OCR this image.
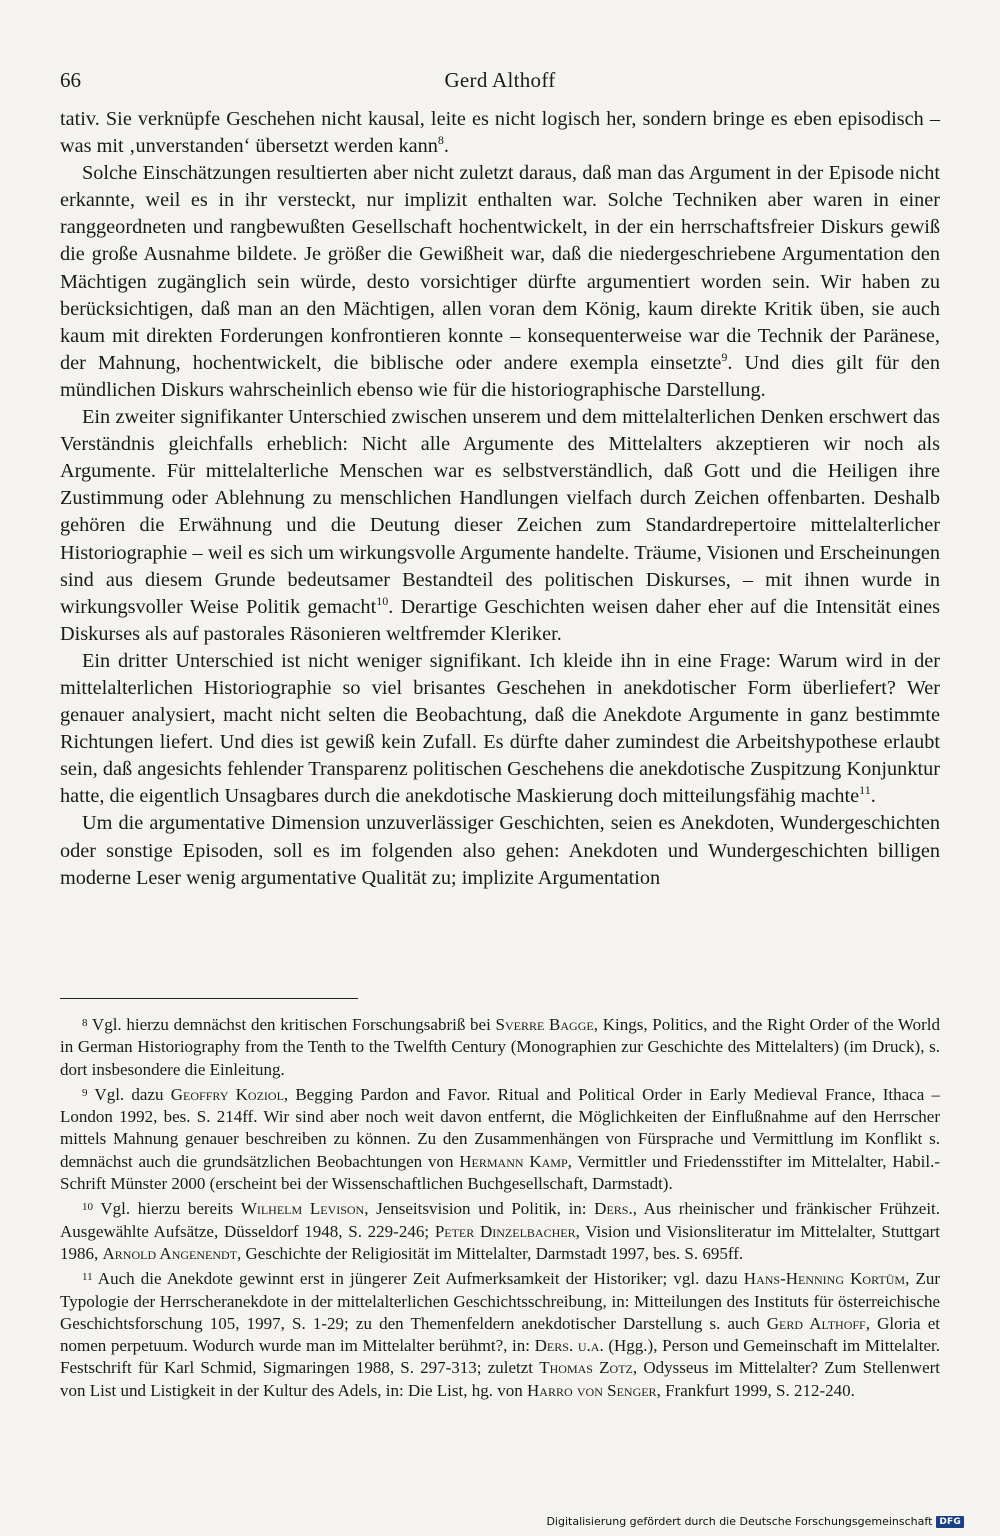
66	Gerd Althoff

tativ. Sie verknüpfe Geschehen nicht kausal, leite es nicht logisch her, sondern bringe es eben episodisch – was mit ‚unverstanden‘ übersetzt werden kann$^8$.

Solche Einschätzungen resultierten aber nicht zuletzt daraus, daß man das Argument in der Episode nicht erkannte, weil es in ihr versteckt, nur implizit enthalten war. Solche Techniken aber waren in einer ranggeordneten und rangbewußten Gesellschaft hochentwickelt, in der ein herrschaftsfreier Diskurs gewiß die große Ausnahme bildete. Je größer die Gewißheit war, daß die niedergeschriebene Argumentation den Mächtigen zugänglich sein würde, desto vorsichtiger dürfte argumentiert worden sein. Wir haben zu berücksichtigen, daß man an den Mächtigen, allen voran dem König, kaum direkte Kritik üben, sie auch kaum mit direkten Forderungen konfrontieren konnte – konsequenterweise war die Technik der Paränese, der Mahnung, hochentwickelt, die biblische oder andere exempla einsetzte$^9$. Und dies gilt für den mündlichen Diskurs wahrscheinlich ebenso wie für die historiographische Darstellung.

Ein zweiter signifikanter Unterschied zwischen unserem und dem mittelalterlichen Denken erschwert das Verständnis gleichfalls erheblich: Nicht alle Argumente des Mittelalters akzeptieren wir noch als Argumente. Für mittelalterliche Menschen war es selbstverständlich, daß Gott und die Heiligen ihre Zustimmung oder Ablehnung zu menschlichen Handlungen vielfach durch Zeichen offenbarten. Deshalb gehören die Erwähnung und die Deutung dieser Zeichen zum Standardrepertoire mittelalterlicher Historiographie – weil es sich um wirkungsvolle Argumente handelte. Träume, Visionen und Erscheinungen sind aus diesem Grunde bedeutsamer Bestandteil des politischen Diskurses, – mit ihnen wurde in wirkungsvoller Weise Politik gemacht$^{10}$. Derartige Geschichten weisen daher eher auf die Intensität eines Diskurses als auf pastorales Räsonieren weltfremder Kleriker.

Ein dritter Unterschied ist nicht weniger signifikant. Ich kleide ihn in eine Frage: Warum wird in der mittelalterlichen Historiographie so viel brisantes Geschehen in anekdotischer Form überliefert? Wer genauer analysiert, macht nicht selten die Beobachtung, daß die Anekdote Argumente in ganz bestimmte Richtungen liefert. Und dies ist gewiß kein Zufall. Es dürfte daher zumindest die Arbeitshypothese erlaubt sein, daß angesichts fehlender Transparenz politischen Geschehens die anekdotische Zuspitzung Konjunktur hatte, die eigentlich Unsagbares durch die anekdotische Maskierung doch mitteilungsfähig machte$^{11}$.

Um die argumentative Dimension unzuverlässiger Geschichten, seien es Anekdoten, Wundergeschichten oder sonstige Episoden, soll es im folgenden also gehen: Anekdoten und Wundergeschichten billigen moderne Leser wenig argumentative Qualität zu; implizite Argumentation

$^8$ Vgl. hierzu demnächst den kritischen Forschungsabriß bei Sverre Bagge, Kings, Politics, and the Right Order of the World in German Historiography from the Tenth to the Twelfth Century (Monographien zur Geschichte des Mittelalters) (im Druck), s. dort insbesondere die Einleitung.

$^9$ Vgl. dazu Geoffry Koziol, Begging Pardon and Favor. Ritual and Political Order in Early Medieval France, Ithaca – London 1992, bes. S. 214ff. Wir sind aber noch weit davon entfernt, die Möglichkeiten der Einflußnahme auf den Herrscher mittels Mahnung genauer beschreiben zu können. Zu den Zusammenhängen von Fürsprache und Vermittlung im Konflikt s. demnächst auch die grundsätzlichen Beobachtungen von Hermann Kamp, Vermittler und Friedensstifter im Mittelalter, Habil.-Schrift Münster 2000 (erscheint bei der Wissenschaftlichen Buchgesellschaft, Darmstadt).

$^{10}$ Vgl. hierzu bereits Wilhelm Levison, Jenseitsvision und Politik, in: Ders., Aus rheinischer und fränkischer Frühzeit. Ausgewählte Aufsätze, Düsseldorf 1948, S. 229-246; Peter Dinzelbacher, Vision und Visionsliteratur im Mittelalter, Stuttgart 1986, Arnold Angenendt, Geschichte der Religiosität im Mittelalter, Darmstadt 1997, bes. S. 695ff.

$^{11}$ Auch die Anekdote gewinnt erst in jüngerer Zeit Aufmerksamkeit der Historiker; vgl. dazu Hans-Henning Kortüm, Zur Typologie der Herrscheranekdote in der mittelalterlichen Geschichtsschreibung, in: Mitteilungen des Instituts für österreichische Geschichtsforschung 105, 1997, S. 1-29; zu den Themenfeldern anekdotischer Darstellung s. auch Gerd Althoff, Gloria et nomen perpetuum. Wodurch wurde man im Mittelalter berühmt?, in: Ders. u.a. (Hgg.), Person und Gemeinschaft im Mittelalter. Festschrift für Karl Schmid, Sigmaringen 1988, S. 297-313; zuletzt Thomas Zotz, Odysseus im Mittelalter? Zum Stellenwert von List und Listigkeit in der Kultur des Adels, in: Die List, hg. von Harro von Senger, Frankfurt 1999, S. 212-240.

Digitalisierung gefördert durch die Deutsche Forschungsgemeinschaft DFG
